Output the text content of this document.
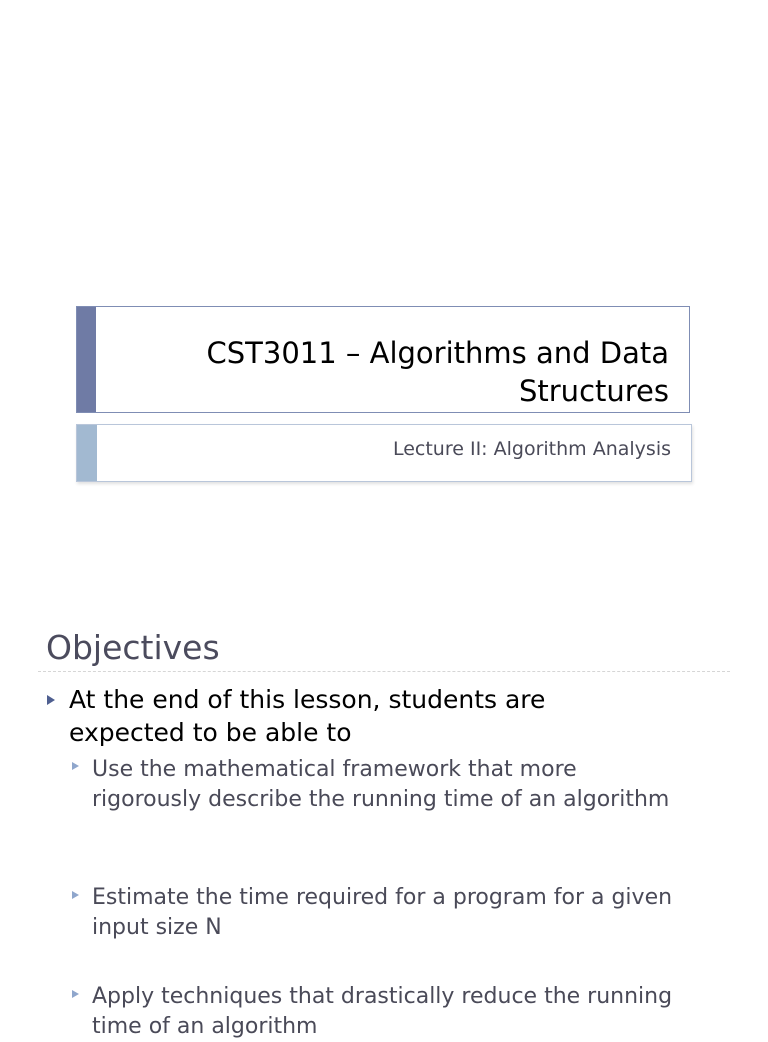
CST3011 – Algorithms and Data Structures
Lecture II: Algorithm Analysis
Objectives
At the end of this lesson, students are expected to be able to
Use the mathematical framework that more rigorously describe the running time of an algorithm
Estimate the time required for a program for a given input size N
Apply techniques that drastically reduce the running time of an algorithm
